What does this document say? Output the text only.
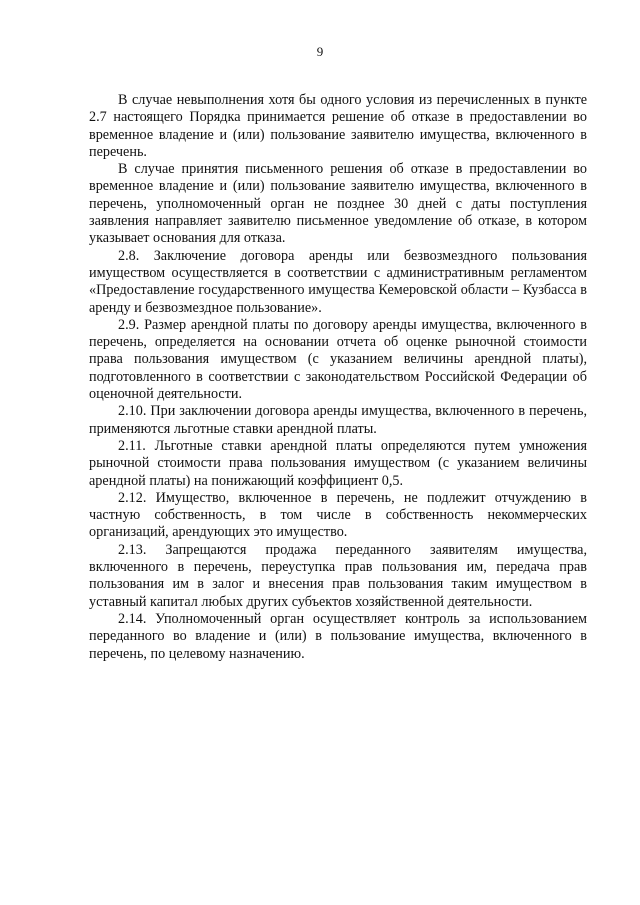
9

В случае невыполнения хотя бы одного условия из перечисленных в пункте 2.7 настоящего Порядка принимается решение об отказе в предоставлении во временное владение и (или) пользование заявителю имущества, включенного в перечень.

В случае принятия письменного решения об отказе в предоставлении во временное владение и (или) пользование заявителю имущества, включенного в перечень, уполномоченный орган не позднее 30 дней с даты поступления заявления направляет заявителю письменное уведомление об отказе, в котором указывает основания для отказа.

2.8. Заключение договора аренды или безвозмездного пользования имуществом осуществляется в соответствии с административным регламентом «Предоставление государственного имущества Кемеровской области – Кузбасса в аренду и безвозмездное пользование».

2.9. Размер арендной платы по договору аренды имущества, включенного в перечень, определяется на основании отчета об оценке рыночной стоимости права пользования имуществом (с указанием величины арендной платы), подготовленного в соответствии с законодательством Российской Федерации об оценочной деятельности.

2.10. При заключении договора аренды имущества, включенного в перечень, применяются льготные ставки арендной платы.

2.11. Льготные ставки арендной платы определяются путем умножения рыночной стоимости права пользования имуществом (с указанием величины арендной платы) на понижающий коэффициент 0,5.

2.12. Имущество, включенное в перечень, не подлежит отчуждению в частную собственность, в том числе в собственность некоммерческих организаций, арендующих это имущество.

2.13. Запрещаются продажа переданного заявителям имущества, включенного в перечень, переуступка прав пользования им, передача прав пользования им в залог и внесения прав пользования таким имуществом в уставный капитал любых других субъектов хозяйственной деятельности.

2.14. Уполномоченный орган осуществляет контроль за использованием переданного во владение и (или) в пользование имущества, включенного в перечень, по целевому назначению.
